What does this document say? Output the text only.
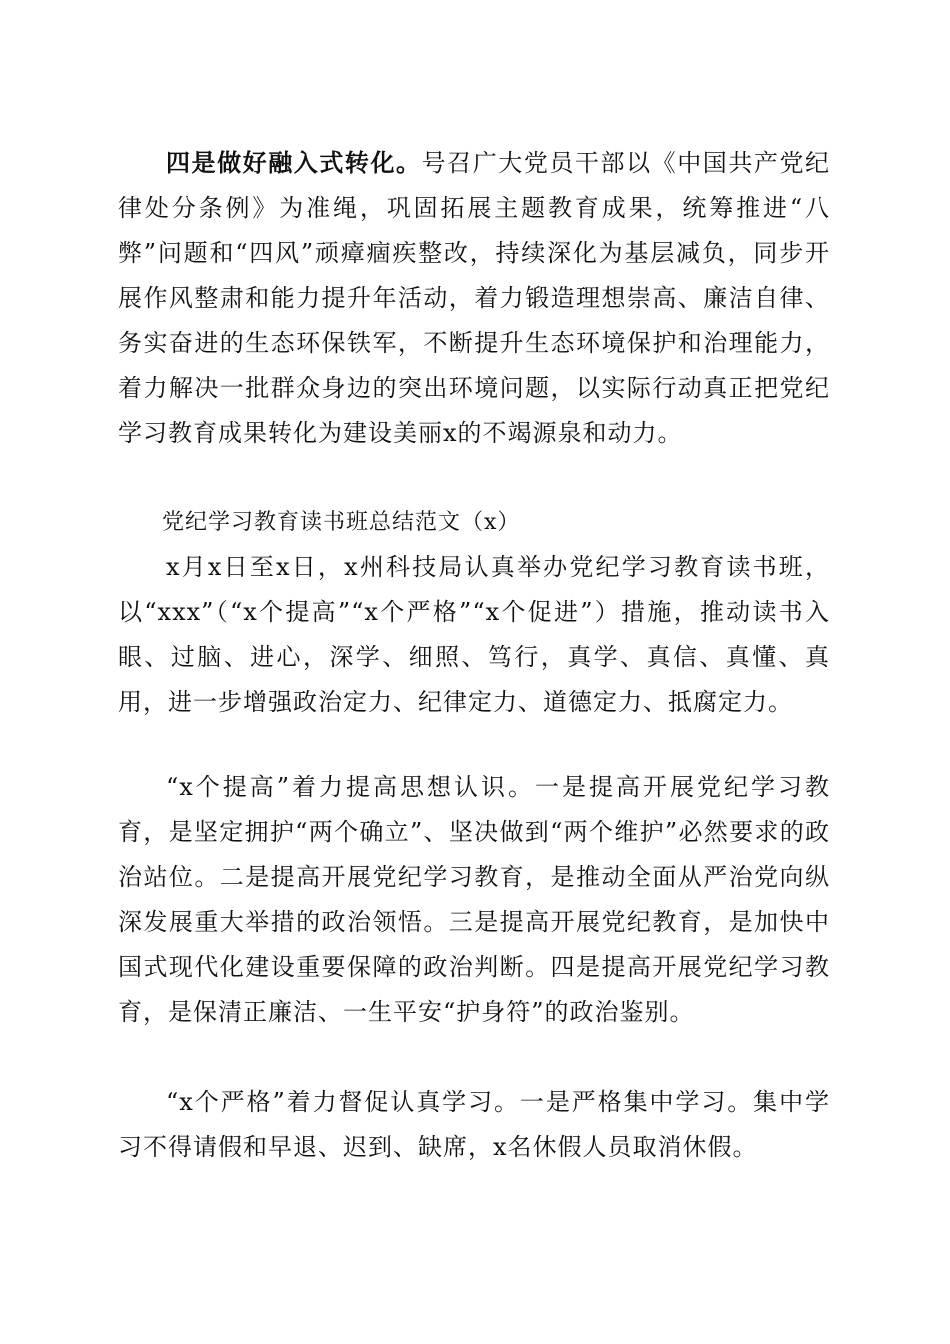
四是做好融入式转化。号召广大党员干部以《中国共产党纪律处分条例》为准绳，巩固拓展主题教育成果，统筹推进“八弊”问题和“四风”顽瘴痼疾整改，持续深化为基层减负，同步开展作风整肃和能力提升年活动，着力锻造理想崇高、廉洁自律、务实奋进的生态环保铁军，不断提升生态环境保护和治理能力，着力解决一批群众身边的突出环境问题，以实际行动真正把党纪学习教育成果转化为建设美丽x的不竭源泉和动力。

党纪学习教育读书班总结范文（x）

x月x日至x日，x州科技局认真举办党纪学习教育读书班，以“xxx”（“x个提高”“x个严格”“x个促进”）措施，推动读书入眼、过脑、进心，深学、细照、笃行，真学、真信、真懂、真用，进一步增强政治定力、纪律定力、道德定力、抵腐定力。

“x个提高”着力提高思想认识。一是提高开展党纪学习教育，是坚定拥护“两个确立”、坚决做到“两个维护”必然要求的政治站位。二是提高开展党纪学习教育，是推动全面从严治党向纵深发展重大举措的政治领悟。三是提高开展党纪教育，是加快中国式现代化建设重要保障的政治判断。四是提高开展党纪学习教育，是保清正廉洁、一生平安“护身符”的政治鉴别。

“x个严格”着力督促认真学习。一是严格集中学习。集中学习不得请假和早退、迟到、缺席，x名休假人员取消休假。
